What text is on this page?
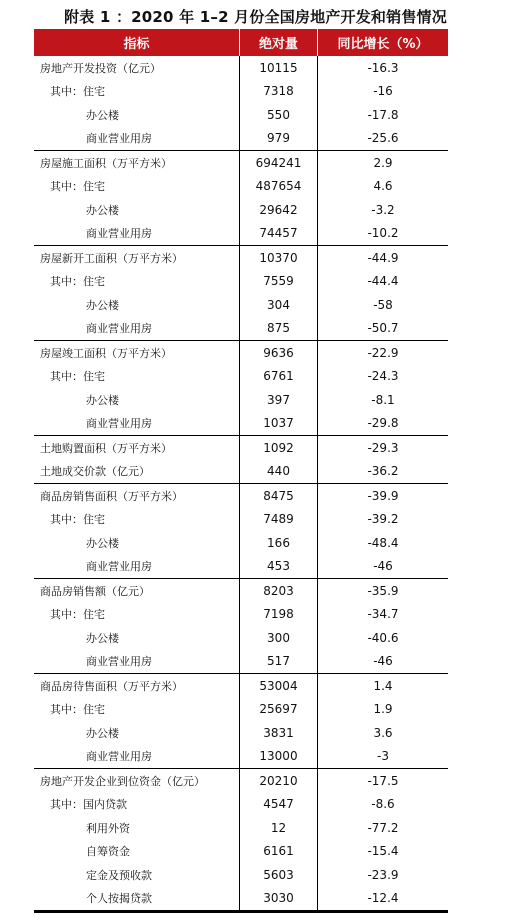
附表 1 ：2020 年 1–2 月份全国房地产开发和销售情况
指标	绝对量	同比增长（%）
房地产开发投资（亿元）	10115	-16.3
其中：住宅	7318	-16
办公楼	550	-17.8
商业营业用房	979	-25.6
房屋施工面积（万平方米）	694241	2.9
其中：住宅	487654	4.6
办公楼	29642	-3.2
商业营业用房	74457	-10.2
房屋新开工面积（万平方米）	10370	-44.9
其中：住宅	7559	-44.4
办公楼	304	-58
商业营业用房	875	-50.7
房屋竣工面积（万平方米）	9636	-22.9
其中：住宅	6761	-24.3
办公楼	397	-8.1
商业营业用房	1037	-29.8
土地购置面积（万平方米）	1092	-29.3
土地成交价款（亿元）	440	-36.2
商品房销售面积（万平方米）	8475	-39.9
其中：住宅	7489	-39.2
办公楼	166	-48.4
商业营业用房	453	-46
商品房销售额（亿元）	8203	-35.9
其中：住宅	7198	-34.7
办公楼	300	-40.6
商业营业用房	517	-46
商品房待售面积（万平方米）	53004	1.4
其中：住宅	25697	1.9
办公楼	3831	3.6
商业营业用房	13000	-3
房地产开发企业到位资金（亿元）	20210	-17.5
其中：国内贷款	4547	-8.6
利用外资	12	-77.2
自筹资金	6161	-15.4
定金及预收款	5603	-23.9
个人按揭贷款	3030	-12.4
